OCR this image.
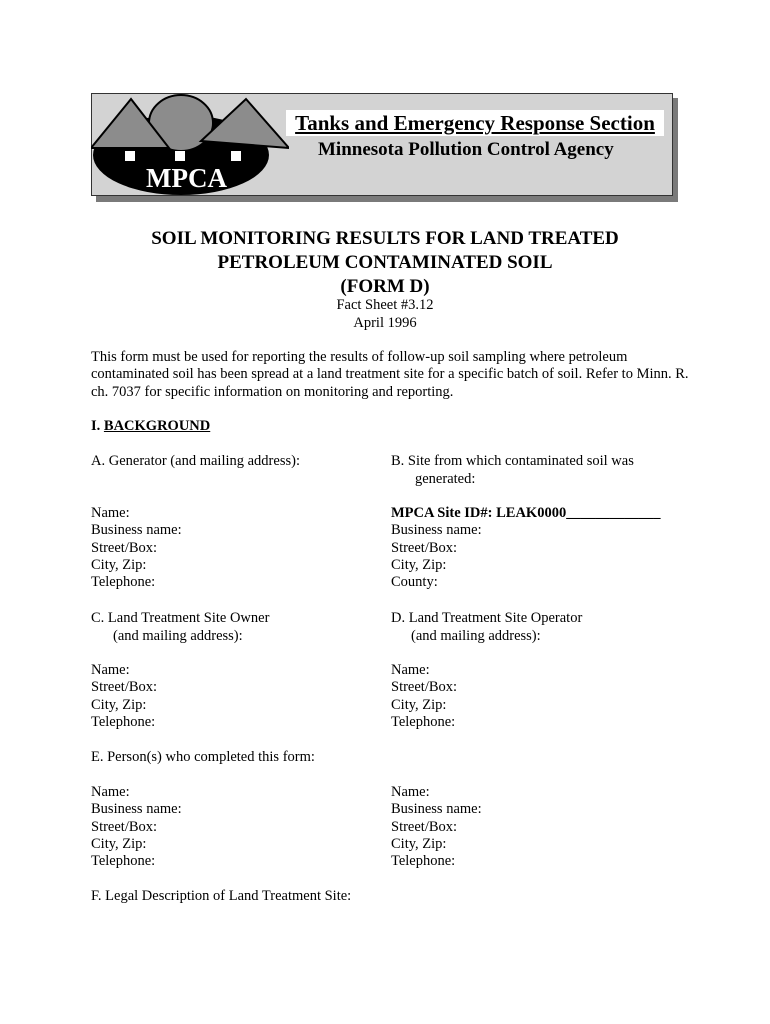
MPCA
Tanks and Emergency Response Section
Minnesota Pollution Control Agency
SOIL MONITORING RESULTS FOR LAND TREATED
PETROLEUM CONTAMINATED SOIL
(FORM D)
Fact Sheet #3.12
April 1996
This form must be used for reporting the results of follow-up soil sampling where petroleum contaminated soil has been spread at a land treatment site for a specific batch of soil. Refer to Minn. R. ch. 7037 for specific information on monitoring and reporting.
I. BACKGROUND
A. Generator (and mailing address):
Name:
Business name:
Street/Box:
City, Zip:
Telephone:
B. Site from which contaminated soil was
generated:
MPCA Site ID#: LEAK0000_____________
Business name:
Street/Box:
City, Zip:
County:
C. Land Treatment Site Owner
(and mailing address):
Name:
Street/Box:
City, Zip:
Telephone:
D. Land Treatment Site Operator
(and mailing address):
Name:
Street/Box:
City, Zip:
Telephone:
E. Person(s) who completed this form:
Name:
Business name:
Street/Box:
City, Zip:
Telephone:
Name:
Business name:
Street/Box:
City, Zip:
Telephone:
F. Legal Description of Land Treatment Site:
